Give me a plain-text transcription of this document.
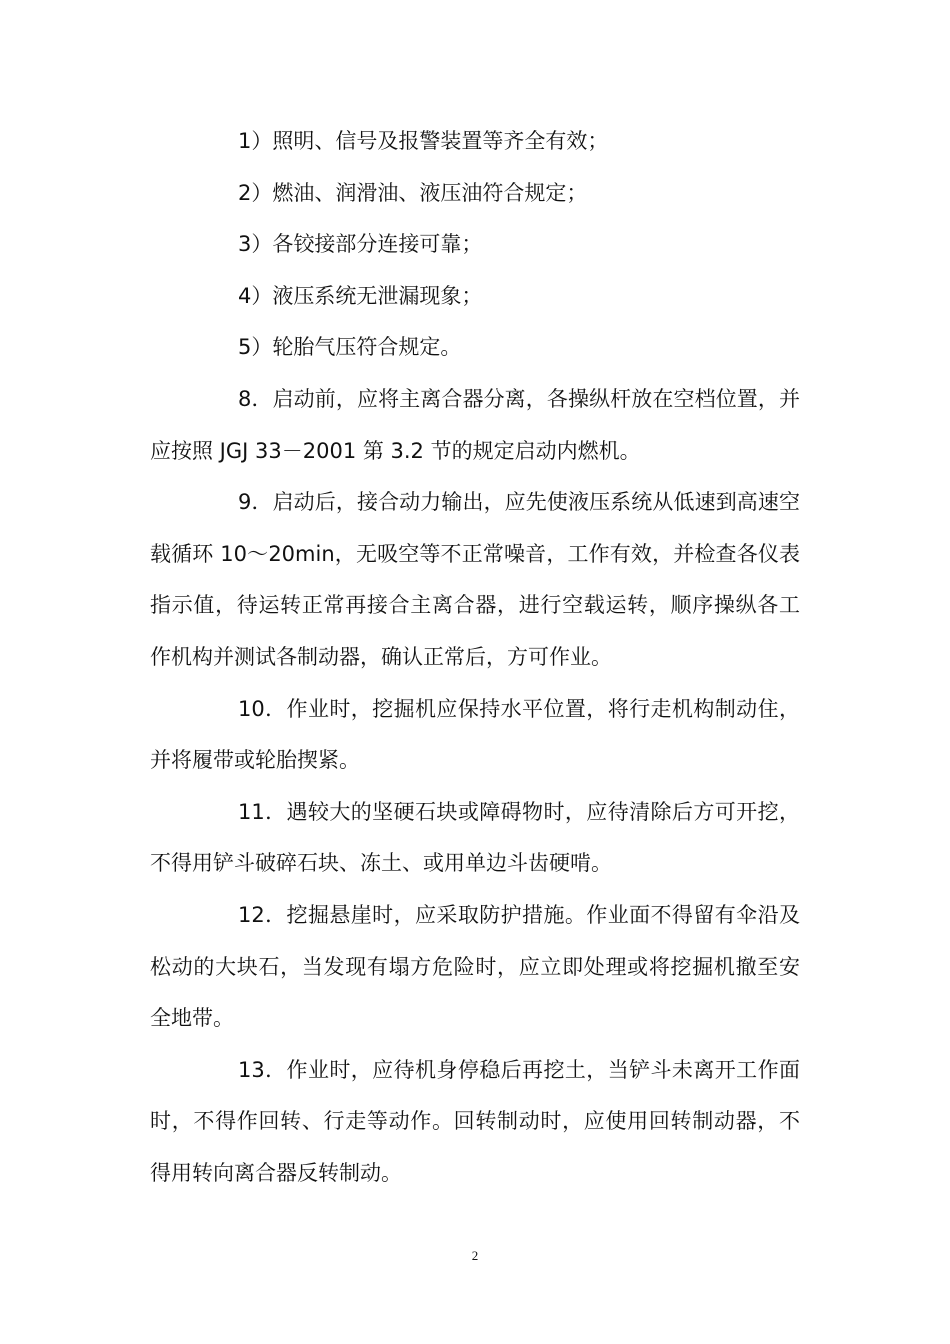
1）照明、信号及报警装置等齐全有效；

2）燃油、润滑油、液压油符合规定；

3）各铰接部分连接可靠；

4）液压系统无泄漏现象；

5）轮胎气压符合规定。

8．启动前，应将主离合器分离，各操纵杆放在空档位置，并应按照 JGJ 33－2001 第 3.2 节的规定启动内燃机。

9．启动后，接合动力输出，应先使液压系统从低速到高速空载循环 10～20min，无吸空等不正常噪音，工作有效，并检查各仪表指示值，待运转正常再接合主离合器，进行空载运转，顺序操纵各工作机构并测试各制动器，确认正常后，方可作业。

10．作业时，挖掘机应保持水平位置，将行走机构制动住，并将履带或轮胎揳紧。

11．遇较大的坚硬石块或障碍物时，应待清除后方可开挖，不得用铲斗破碎石块、冻土、或用单边斗齿硬啃。

12．挖掘悬崖时，应采取防护措施。作业面不得留有伞沿及松动的大块石，当发现有塌方危险时，应立即处理或将挖掘机撤至安全地带。

13．作业时，应待机身停稳后再挖土，当铲斗未离开工作面时，不得作回转、行走等动作。回转制动时，应使用回转制动器，不得用转向离合器反转制动。

2
